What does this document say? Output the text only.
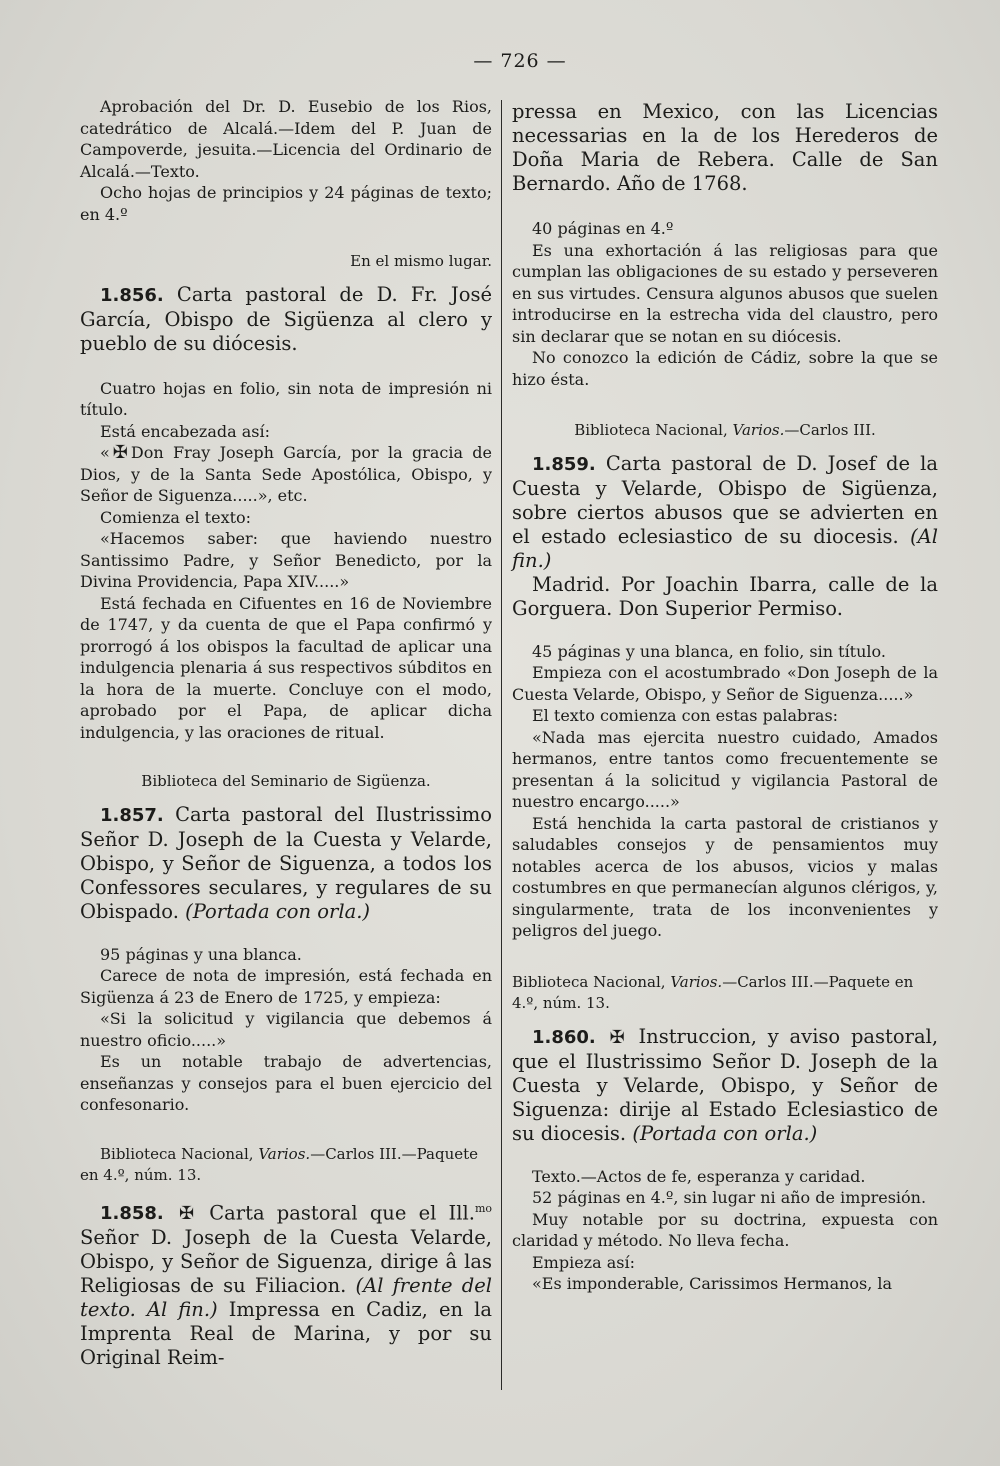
— 726 —

Aprobación del Dr. D. Eusebio de los Rios, catedrático de Alcalá.—Idem del P. Juan de Campoverde, jesuita.—Licencia del Ordinario de Alcalá.—Texto.

Ocho hojas de principios y 24 páginas de texto; en 4.º

En el mismo lugar.

1.856. Carta pastoral de D. Fr. José García, Obispo de Sigüenza al clero y pueblo de su diócesis.

Cuatro hojas en folio, sin nota de impresión ni título.

Está encabezada así:

« ✠ Don Fray Joseph García, por la gracia de Dios, y de la Santa Sede Apostólica, Obispo, y Señor de Siguenza.....», etc.

Comienza el texto:

«Hacemos saber: que haviendo nuestro Santissimo Padre, y Señor Benedicto, por la Divina Providencia, Papa XIV.....»

Está fechada en Cifuentes en 16 de Noviembre de 1747, y da cuenta de que el Papa confirmó y prorrogó á los obispos la facultad de aplicar una indulgencia plenaria á sus respectivos súbditos en la hora de la muerte. Concluye con el modo, aprobado por el Papa, de aplicar dicha indulgencia, y las oraciones de ritual.

Biblioteca del Seminario de Sigüenza.

1.857. Carta pastoral del Ilustrissimo Señor D. Joseph de la Cuesta y Velarde, Obispo, y Señor de Siguenza, a todos los Confessores seculares, y regulares de su Obispado. (Portada con orla.)

95 páginas y una blanca.

Carece de nota de impresión, está fechada en Sigüenza á 23 de Enero de 1725, y empieza:

«Si la solicitud y vigilancia que debemos á nuestro oficio.....»

Es un notable trabajo de advertencias, enseñanzas y consejos para el buen ejercicio del confesonario.

Biblioteca Nacional, Varios.—Carlos III.—Paquete en 4.º, núm. 13.

1.858. ✠ Carta pastoral que el Ill.$^{mo}$ Señor D. Joseph de la Cuesta Velarde, Obispo, y Señor de Siguenza, dirige â las Religiosas de su Filiacion. (Al frente del texto. Al fin.) Impressa en Cadiz, en la Imprenta Real de Marina, y por su Original Reim-

pressa en Mexico, con las Licencias necessarias en la de los Herederos de Doña Maria de Rebera. Calle de San Bernardo. Año de 1768.

40 páginas en 4.º

Es una exhortación á las religiosas para que cumplan las obligaciones de su estado y perseveren en sus virtudes. Censura algunos abusos que suelen introducirse en la estrecha vida del claustro, pero sin declarar que se notan en su diócesis.

No conozco la edición de Cádiz, sobre la que se hizo ésta.

Biblioteca Nacional, Varios.—Carlos III.

1.859. Carta pastoral de D. Josef de la Cuesta y Velarde, Obispo de Sigüenza, sobre ciertos abusos que se advierten en el estado eclesiastico de su diocesis. (Al fin.)

Madrid. Por Joachin Ibarra, calle de la Gorguera. Don Superior Permiso.

45 páginas y una blanca, en folio, sin título.

Empieza con el acostumbrado «Don Joseph de la Cuesta Velarde, Obispo, y Señor de Siguenza.....»

El texto comienza con estas palabras:

«Nada mas ejercita nuestro cuidado, Amados hermanos, entre tantos como frecuentemente se presentan á la solicitud y vigilancia Pastoral de nuestro encargo.....»

Está henchida la carta pastoral de cristianos y saludables consejos y de pensamientos muy notables acerca de los abusos, vicios y malas costumbres en que permanecían algunos clérigos, y, singularmente, trata de los inconvenientes y peligros del juego.

Biblioteca Nacional, Varios.—Carlos III.—Paquete en 4.º, núm. 13.

1.860. ✠ Instruccion, y aviso pastoral, que el Ilustrissimo Señor D. Joseph de la Cuesta y Velarde, Obispo, y Señor de Siguenza: dirije al Estado Eclesiastico de su diocesis. (Portada con orla.)

Texto.—Actos de fe, esperanza y caridad.

52 páginas en 4.º, sin lugar ni año de impresión.

Muy notable por su doctrina, expuesta con claridad y método. No lleva fecha.

Empieza así:

«Es imponderable, Carissimos Hermanos, la
